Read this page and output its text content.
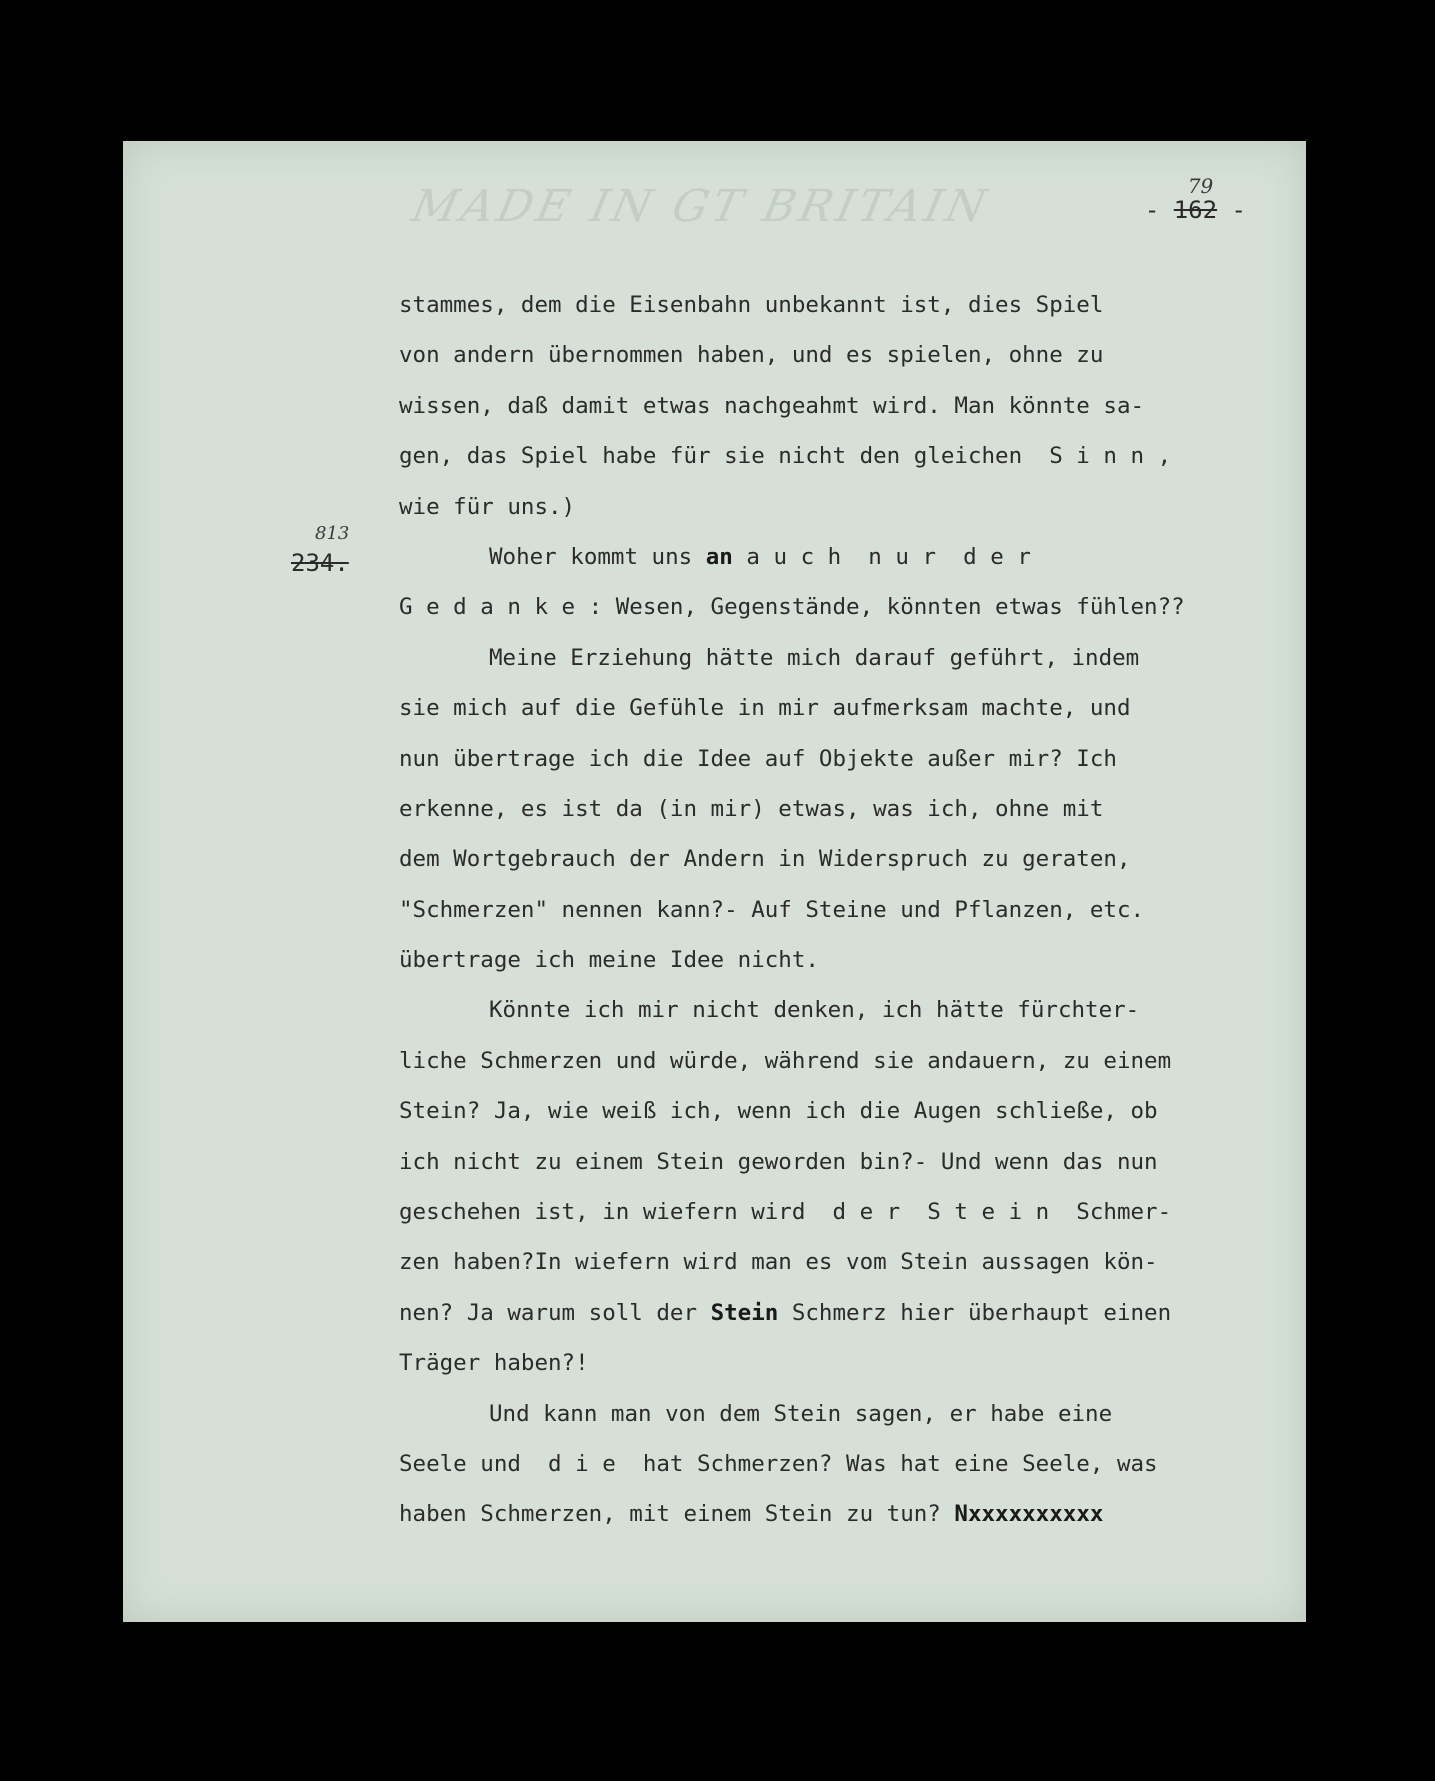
MADE IN GT BRITAIN	- 162 -
79
234.
813
stammes, dem die Eisenbahn unbekannt ist, dies Spiel
von andern übernommen haben, und es spielen, ohne zu
wissen, daß damit etwas nachgeahmt wird. Man könnte sa-
gen, das Spiel habe für sie nicht den gleichen  S i n n ,
wie für uns.)
Woher kommt uns an a u c h  n u r  d e r
G e d a n k e : Wesen, Gegenstände, könnten etwas fühlen??
Meine Erziehung hätte mich darauf geführt, indem
sie mich auf die Gefühle in mir aufmerksam machte, und
nun übertrage ich die Idee auf Objekte außer mir? Ich
erkenne, es ist da (in mir) etwas, was ich, ohne mit
dem Wortgebrauch der Andern in Widerspruch zu geraten,
"Schmerzen" nennen kann?- Auf Steine und Pflanzen, etc.
übertrage ich meine Idee nicht.
Könnte ich mir nicht denken, ich hätte fürchter-
liche Schmerzen und würde, während sie andauern, zu einem
Stein? Ja, wie weiß ich, wenn ich die Augen schließe, ob
ich nicht zu einem Stein geworden bin?- Und wenn das nun
geschehen ist, in wiefern wird  d e r  S t e i n  Schmer-
zen haben?In wiefern wird man es vom Stein aussagen kön-
nen? Ja warum soll der Stein Schmerz hier überhaupt einen
Träger haben?!
Und kann man von dem Stein sagen, er habe eine
Seele und  d i e  hat Schmerzen? Was hat eine Seele, was
haben Schmerzen, mit einem Stein zu tun? Nxxxxxxxxxx
